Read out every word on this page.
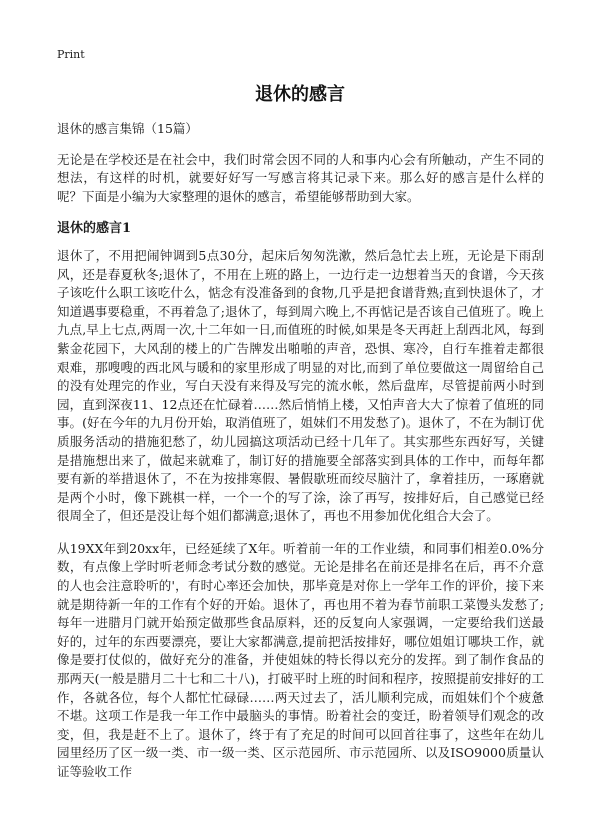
Print
退休的感言
退休的感言集锦（15篇）

无论是在学校还是在社会中，我们时常会因不同的人和事内心会有所触动，产生不同的想法，有这样的时机，就要好好写一写感言将其记录下来。那么好的感言是什么样的呢？下面是小编为大家整理的退休的感言，希望能够帮助到大家。

退休的感言1

退休了，不用把闹钟调到5点30分，起床后匆匆洗漱，然后急忙去上班，无论是下雨刮风，还是春夏秋冬;退休了，不用在上班的路上，一边行走一边想着当天的食谱，今天孩子该吃什么职工该吃什么，惦念有没准备到的食物,几乎是把食谱背熟;直到快退休了，才知道遇事要稳重，不再着急了;退休了，每到周六晚上,不再惦记是否该自己值班了。晚上九点,早上七点,两周一次,十二年如一日,而值班的时候,如果是冬天再赶上刮西北风，每到紫金花园下，大风刮的楼上的广告牌发出啪啪的声音，恐惧、寒冷，自行车推着走都很艰难，那嗖嗖的西北风与暖和的家里形成了明显的对比,而到了单位要做这一周留给自己的没有处理完的作业，写白天没有来得及写完的流水帐，然后盘库，尽管提前两小时到园，直到深夜11、12点还在忙碌着……然后悄悄上楼，又怕声音大大了惊着了值班的同事。(好在今年的九月份开始，取消值班了，姐妹们不用发愁了)。退休了，不在为制订优质服务活动的措施犯愁了，幼儿园搞这项活动已经十几年了。其实那些东西好写，关键是措施想出来了，做起来就难了，制订好的措施要全部落实到具体的工作中，而每年都要有新的举措退休了，不在为按排寒假、暑假歇班而绞尽脑汁了，拿着挂历，一琢磨就是两个小时，像下跳棋一样，一个一个的写了涂，涂了再写，按排好后，自己感觉已经很周全了，但还是没让每个姐们都满意;退休了，再也不用参加优化组合大会了。

从19XX年到20xx年，已经延续了X年。听着前一年的工作业绩，和同事们相差0.0%分数，有点像上学时听老师念考试分数的感觉。无论是排名在前还是排名在后，再不介意的人也会注意聆听的'，有时心率还会加快，那毕竟是对你上一学年工作的评价，接下来就是期待新一年的工作有个好的开始。退休了，再也用不着为春节前职工菜馒头发愁了;每年一进腊月门就开始预定做那些食品原料，还的反复向人家强调，一定要给我们送最好的，过年的东西要漂亮，要让大家都满意,提前把活按排好，哪位姐姐订哪块工作，就像是要打仗似的，做好充分的准备，并使姐妹的特长得以充分的发挥。到了制作食品的那两天(一般是腊月二十七和二十八)，打破平时上班的时间和程序，按照提前安排好的工作，各就各位，每个人都忙忙碌碌……两天过去了，活儿顺利完成，而姐妹们个个疲惫不堪。这项工作是我一年工作中最脑头的事情。盼着社会的变迁，盼着领导们观念的改变，但，我是赶不上了。退休了，终于有了充足的时间可以回首往事了，这些年在幼儿园里经历了区一级一类、市一级一类、区示范园所、市示范园所、以及ISO9000质量认证等验收工作
